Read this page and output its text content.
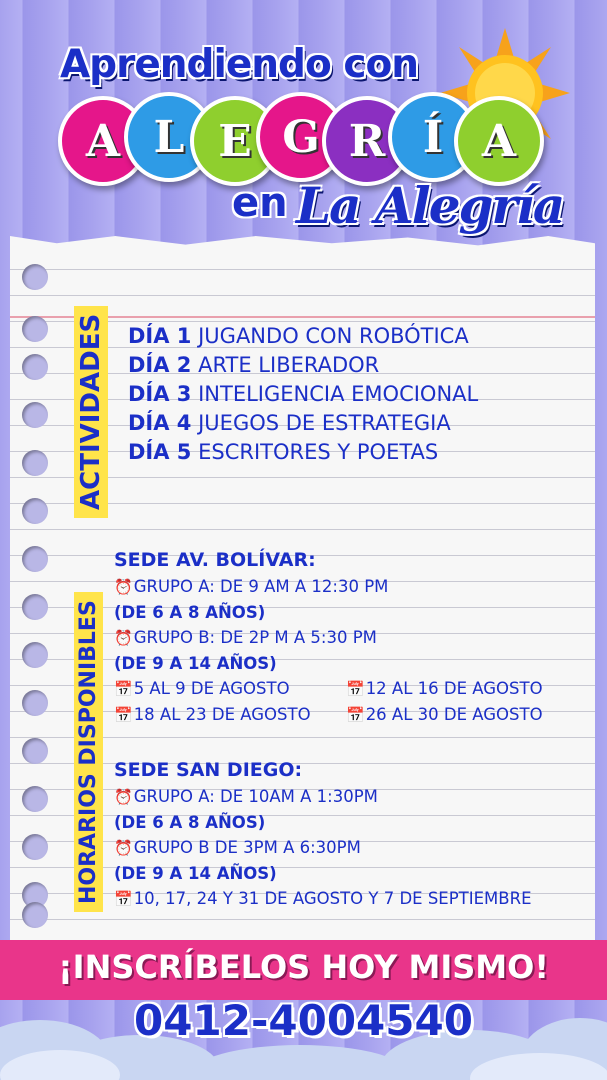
Aprendiendo con
A L E G R Í A
en La Alegría
ACTIVIDADES
HORARIOS DISPONIBLES
DÍA 1 JUGANDO CON ROBÓTICA
DÍA 2 ARTE LIBERADOR
DÍA 3 INTELIGENCIA EMOCIONAL
DÍA 4 JUEGOS DE ESTRATEGIA
DÍA 5 ESCRITORES Y POETAS
SEDE AV. BOLÍVAR:
⏰GRUPO A: DE 9 AM A 12:30 PM
(DE 6 A 8 AÑOS)
⏰GRUPO B: DE 2P M A 5:30 PM
(DE 9 A 14 AÑOS)
📅5 AL 9 DE AGOSTO	📅12 AL 16 DE AGOSTO
📅18 AL 23 DE AGOSTO 📅26 AL 30 DE AGOSTO
SEDE SAN DIEGO:
⏰GRUPO A: DE 10AM A 1:30PM
(DE 6 A 8 AÑOS)
⏰GRUPO B DE 3PM A 6:30PM
(DE 9 A 14 AÑOS)
📅10, 17, 24 Y 31 DE AGOSTO Y 7 DE SEPTIEMBRE
¡INSCRÍBELOS HOY MISMO!
0412-4004540
